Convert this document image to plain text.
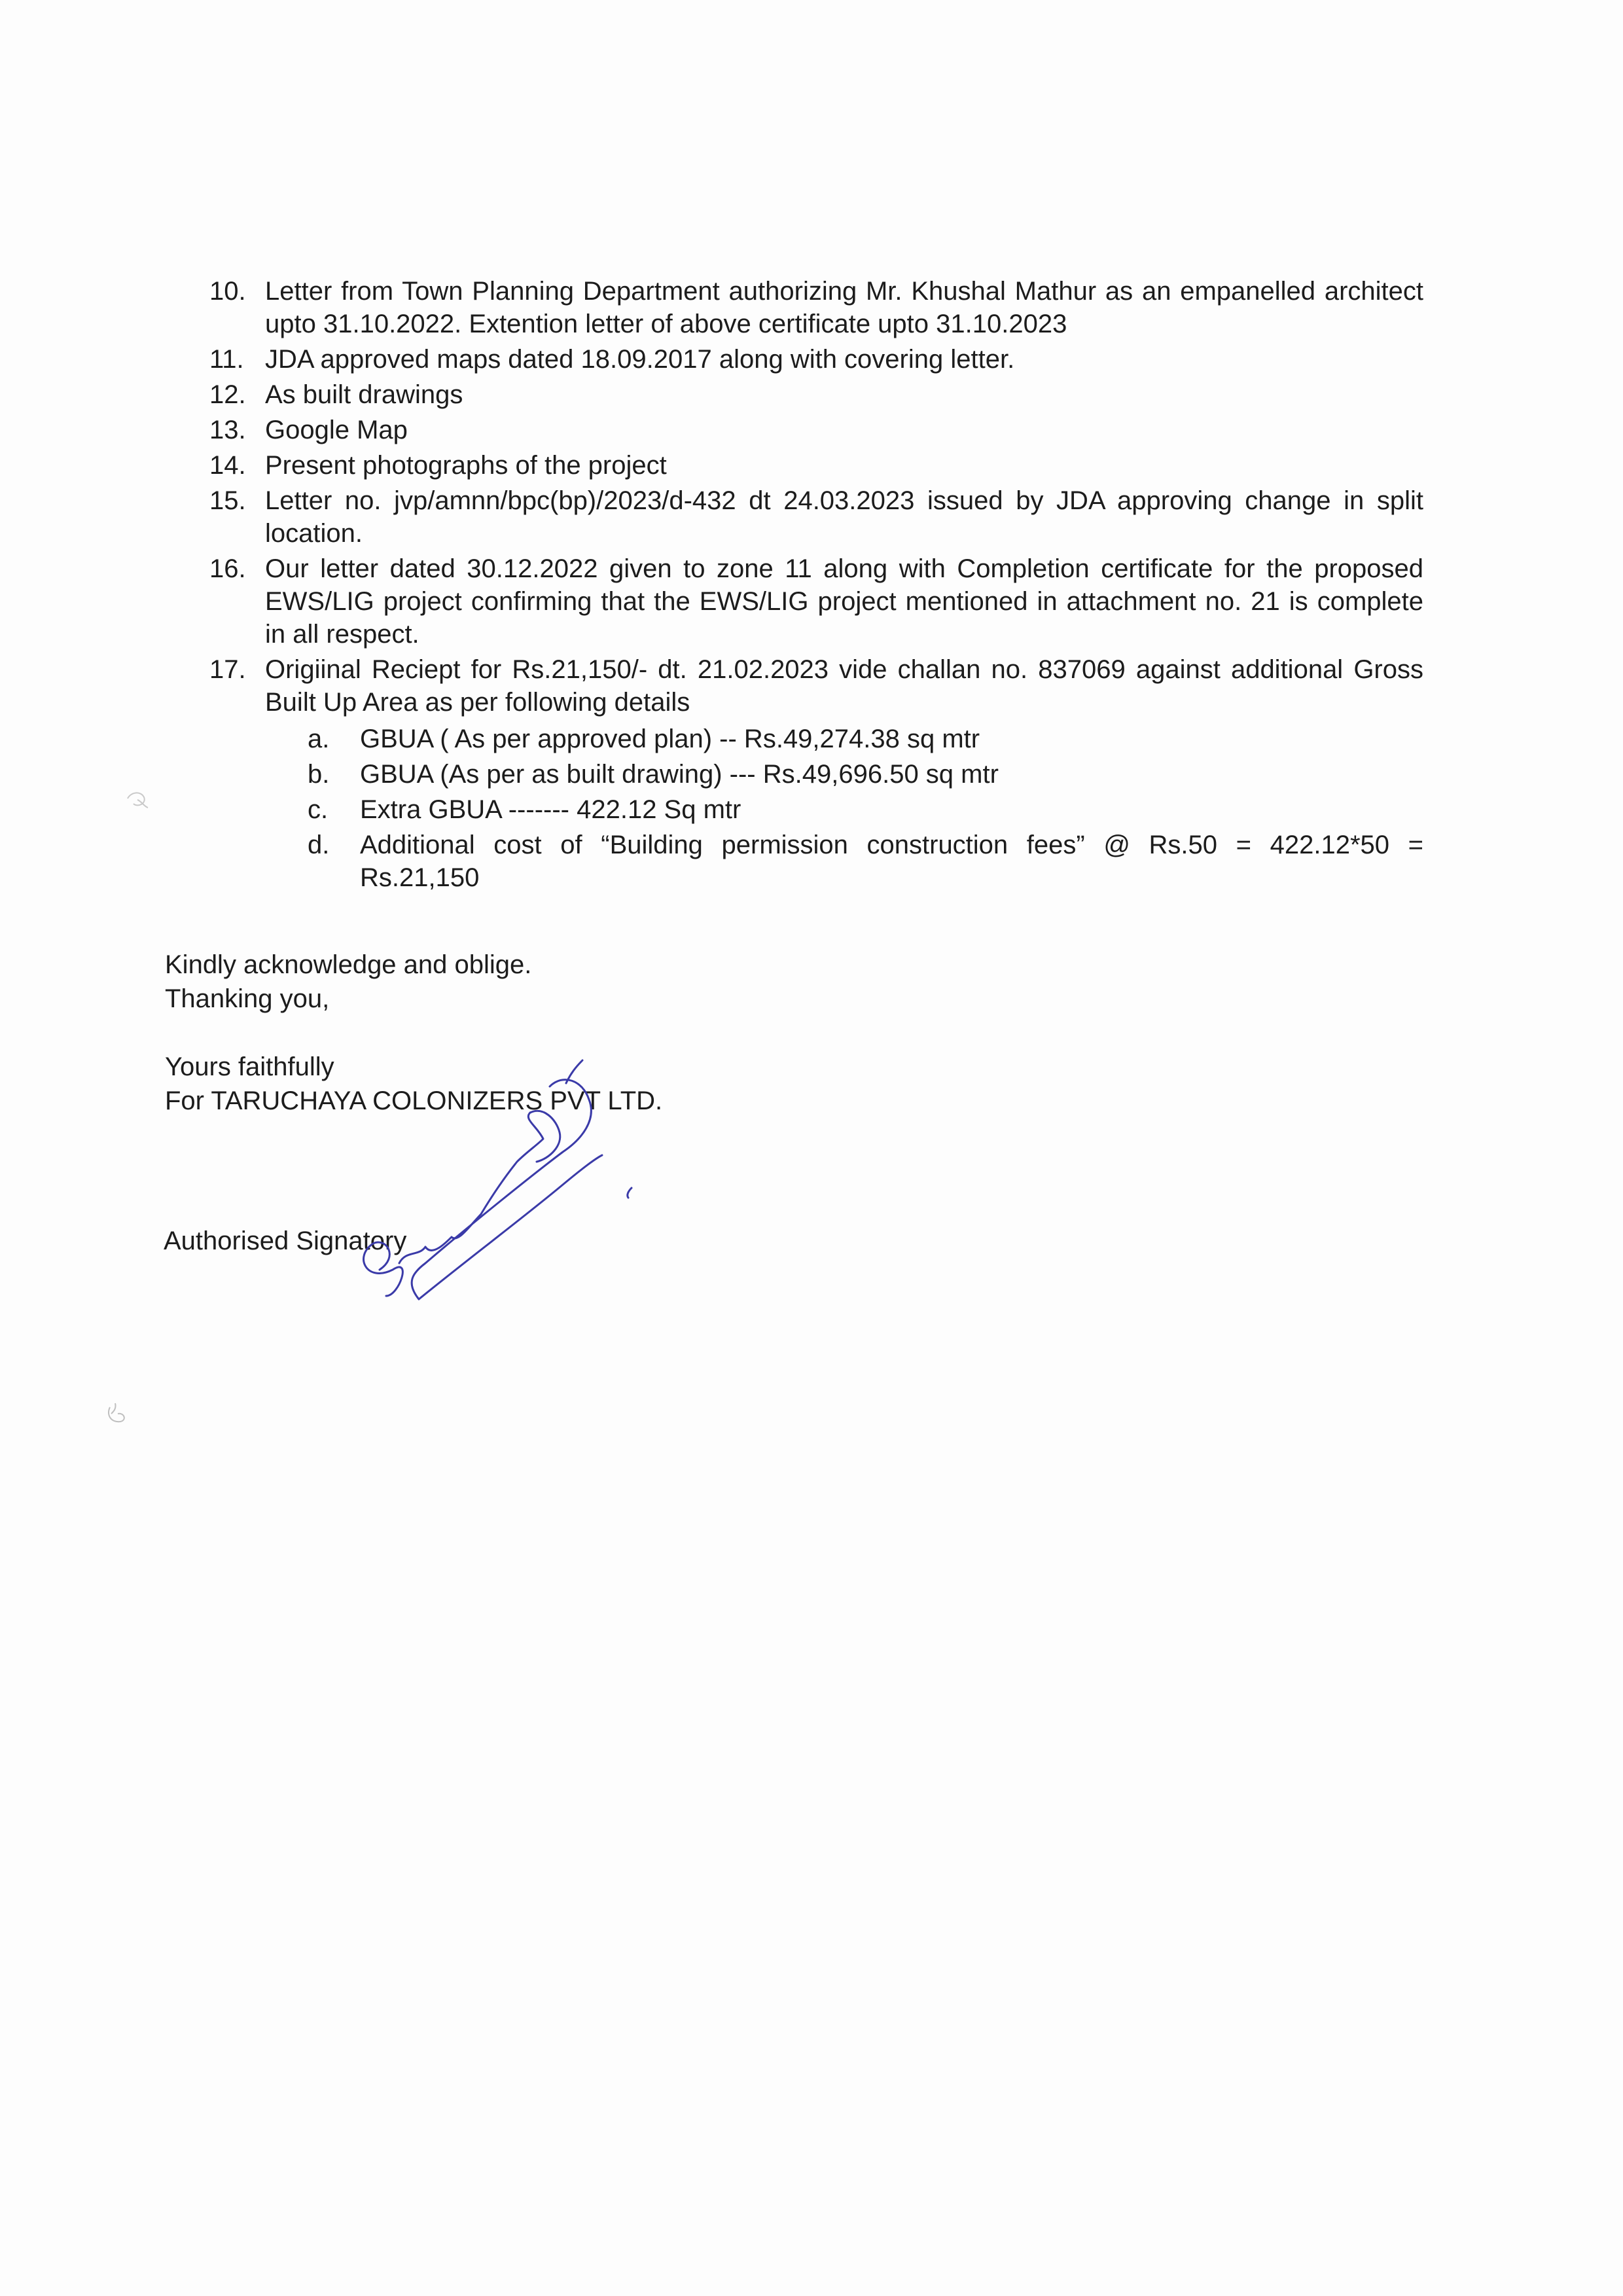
10. Letter from Town Planning Department authorizing Mr. Khushal Mathur as an empanelled architect upto 31.10.2022. Extention letter of above certificate upto 31.10.2023
11. JDA approved maps dated 18.09.2017 along with covering letter.
12. As built drawings
13. Google Map
14. Present photographs of the project
15. Letter no. jvp/amnn/bpc(bp)/2023/d-432 dt 24.03.2023 issued by JDA approving change in split location.
16. Our letter dated 30.12.2022 given to zone 11 along with Completion certificate for the proposed EWS/LIG project confirming that the EWS/LIG project mentioned in attachment no. 21 is complete in all respect.
17. Origiinal Reciept for Rs.21,150/- dt. 21.02.2023 vide challan no. 837069 against additional Gross Built Up Area as per following details
a. GBUA ( As per approved plan) -- Rs.49,274.38 sq mtr
b. GBUA (As per as built drawing) --- Rs.49,696.50 sq mtr
c. Extra GBUA ------- 422.12 Sq mtr
d. Additional cost of “Building permission construction fees” @ Rs.50 = 422.12*50 = Rs.21,150

Kindly acknowledge and oblige.

Thanking you,

Yours faithfully

For TARUCHAYA COLONIZERS PVT LTD.

Authorised Signatory
